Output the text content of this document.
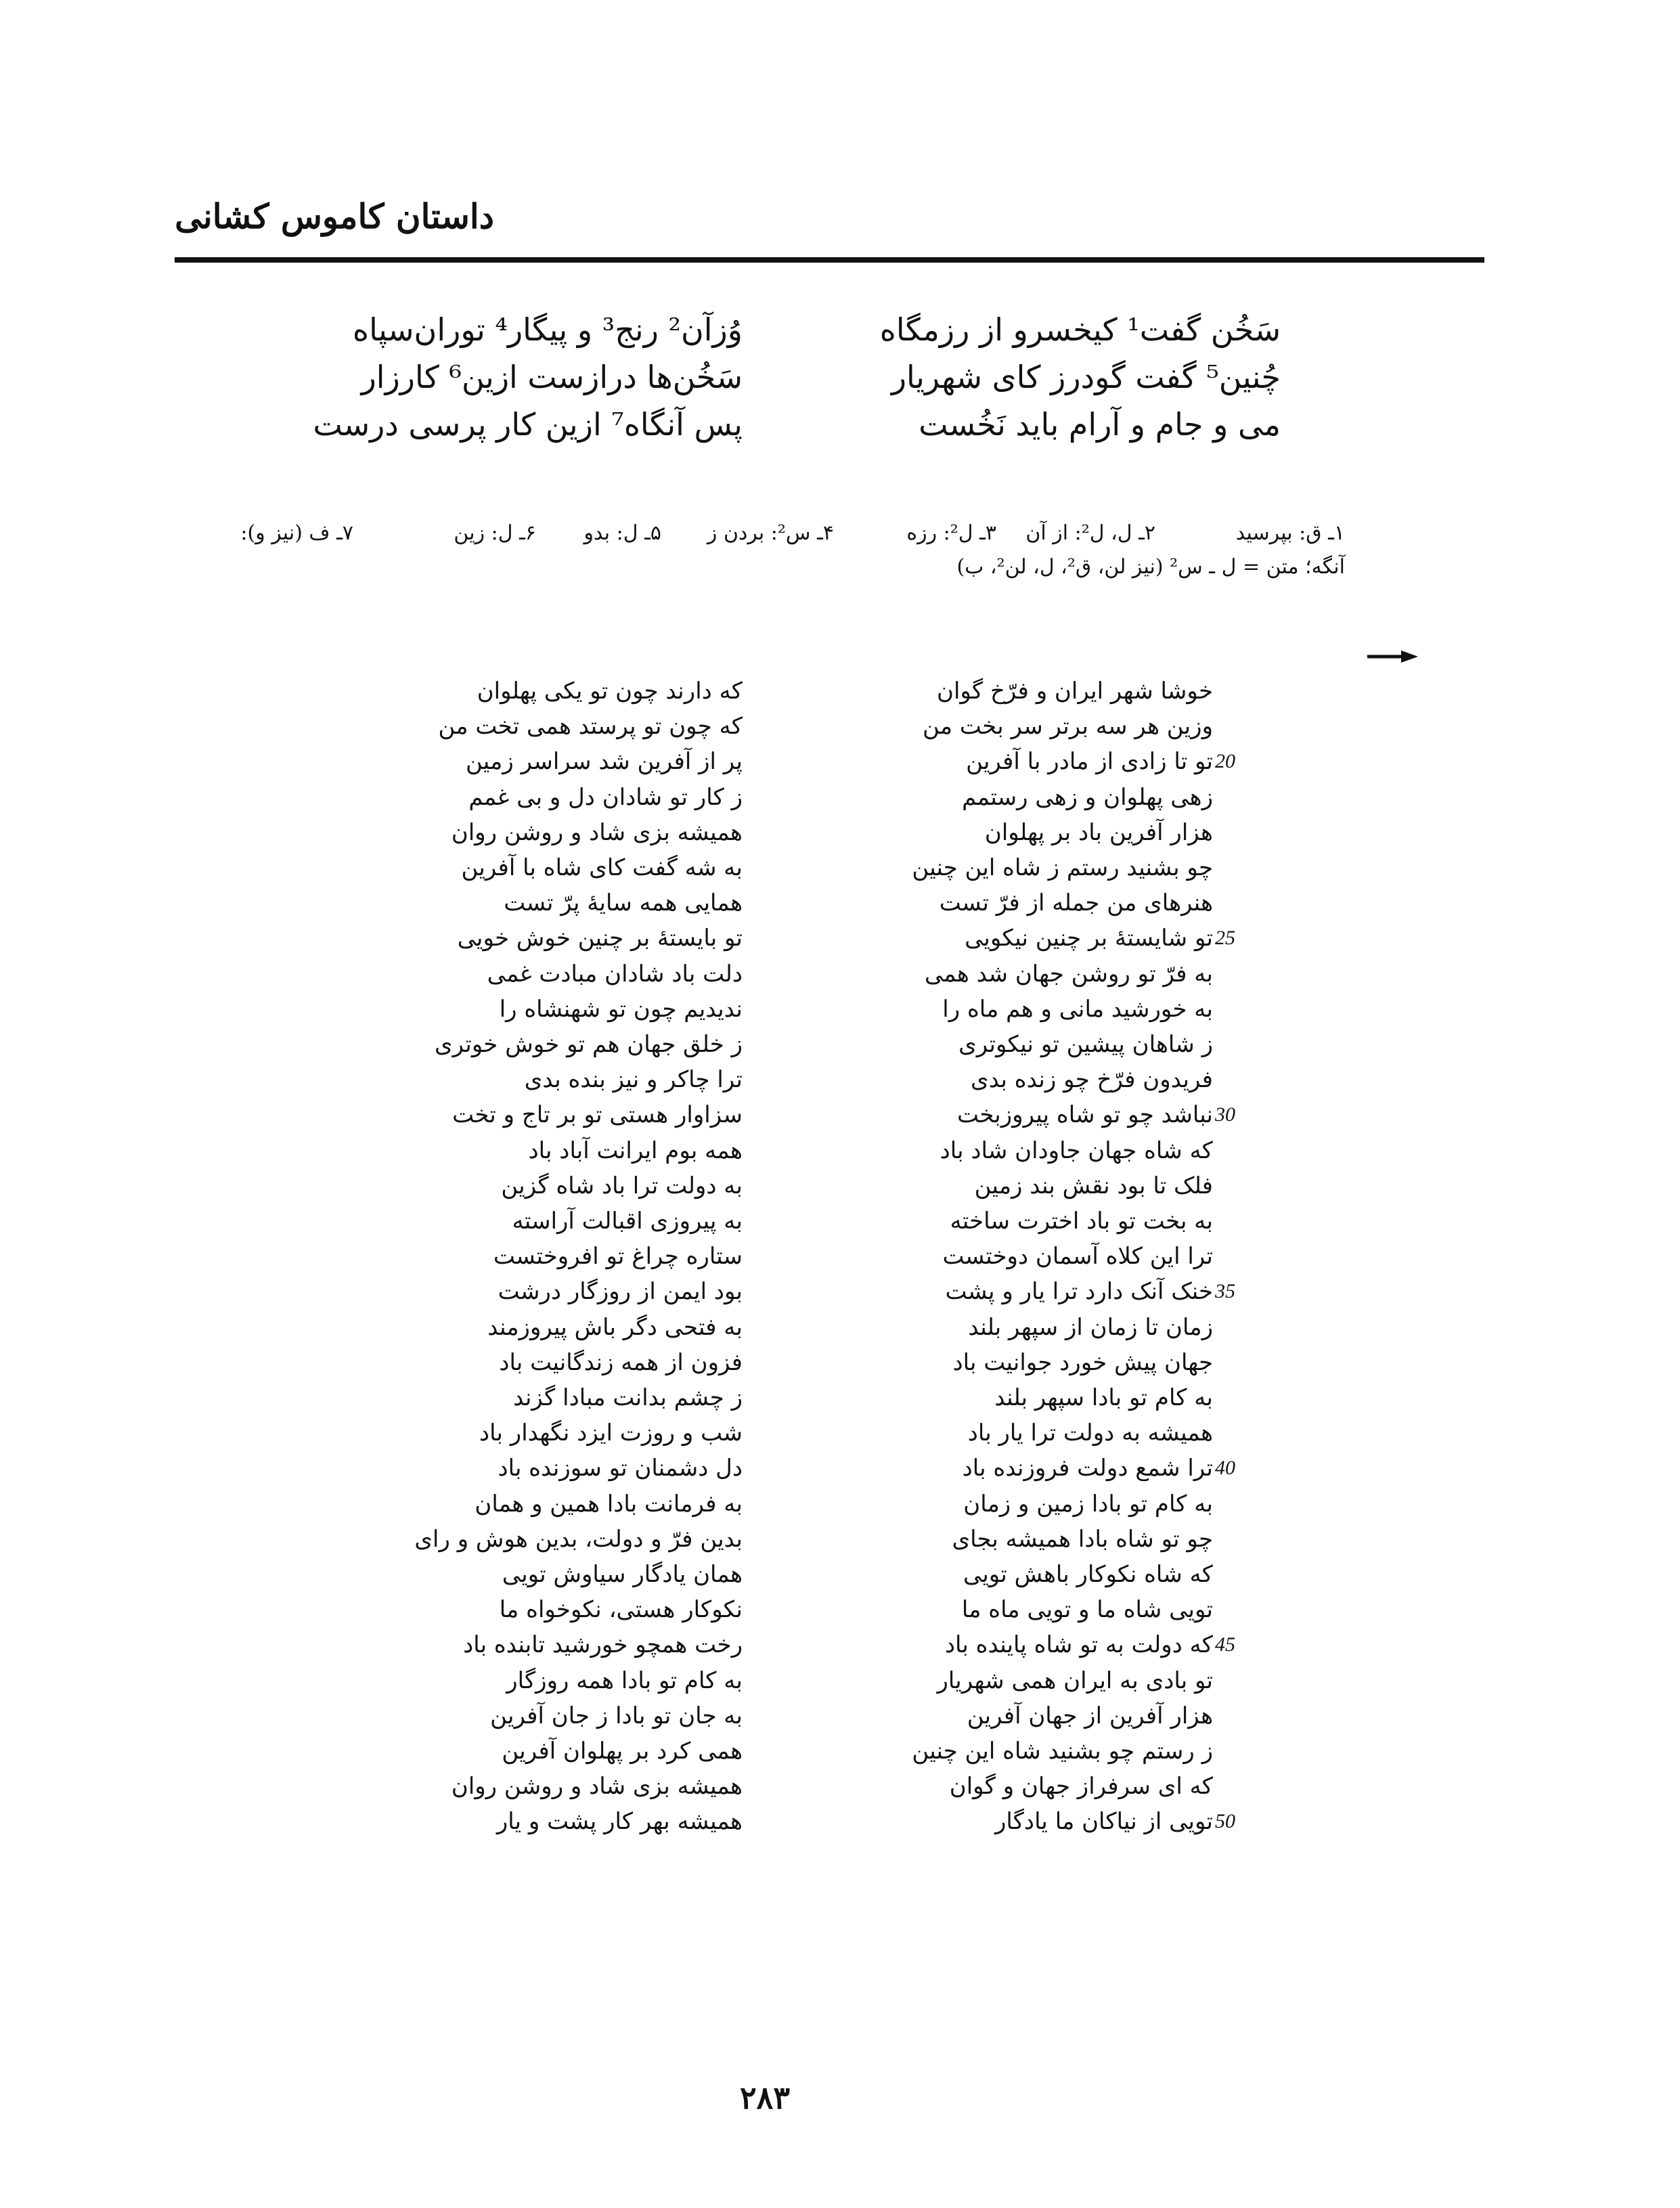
داستان کاموس کشانی
سَخُن گفت¹ کیخسرو از رزمگاه
وُزآن² رنج³ و پیگار⁴ توران‌سپاه
چُنین⁵ گفت گودرز کای شهریار
سَخُن‌ها درازست ازین⁶ کارزار
می و جام و آرام باید نَخُست
پس آنگاه⁷ ازین کار پرسی درست
۱ـ ق: بپرسید
۲ـ ل، ل²: از آن
۳ـ ل²: رزه
۴ـ س²: بردن ز
۵ـ ل: بدو
۶ـ ل: زین
۷ـ ف (نیز و):
آنگه؛ متن = ل ـ س² (نیز لن، ق²، ل، لن²، ب)
خوشا شهر ایران و فرّخ گوان
که دارند چون تو یکی پهلوان
وزین هر سه برتر سر بخت من
که چون تو پرستد همی تخت من
تو تا زادی از مادر با آفرین
پر از آفرین شد سراسر زمین	20
زهی پهلوان و زهی رستمم
ز کار تو شادان دل و بی غمم
هزار آفرین باد بر پهلوان
همیشه بزی شاد و روشن روان
چو بشنید رستم ز شاه این چنین
به شه گفت کای شاه با آفرین
هنرهای من جمله از فرّ تست
همایی همه سایهٔ پرّ تست
تو شایستهٔ بر چنین نیکویی
تو بایستهٔ بر چنین خوش خویی	25
به فرّ تو روشن جهان شد همی
دلت باد شادان مبادت غمی
به خورشید مانی و هم ماه را
ندیدیم چون تو شهنشاه را
ز شاهان پیشین تو نیکوتری
ز خلق جهان هم تو خوش خوتری
فریدون فرّخ چو زنده بدی
ترا چاکر و نیز بنده بدی
نباشد چو تو شاه پیروزبخت
سزاوار هستی تو بر تاج و تخت	30
که شاه جهان جاودان شاد باد
همه بوم ایرانت آباد باد
فلک تا بود نقش بند زمین
به دولت ترا باد شاه گزین
به بخت تو باد اخترت ساخته
به پیروزی اقبالت آراسته
ترا این کلاه آسمان دوختست
ستاره چراغ تو افروختست
خنک آنک دارد ترا یار و پشت
بود ایمن از روزگار درشت	35
زمان تا زمان از سپهر بلند
به فتحی دگر باش پیروزمند
جهان پیش خورد جوانیت باد
فزون از همه زندگانیت باد
به کام تو بادا سپهر بلند
ز چشم بدانت مبادا گزند
همیشه به دولت ترا یار باد
شب و روزت ایزد نگهدار باد
ترا شمع دولت فروزنده باد
دل دشمنان تو سوزنده باد	40
به کام تو بادا زمین و زمان
به فرمانت بادا همین و همان
چو تو شاه بادا همیشه بجای
بدین فرّ و دولت، بدین هوش و رای
که شاه نکوکار باهش تویی
همان یادگار سیاوش تویی
تویی شاه ما و تویی ماه ما
نکوکار هستی، نکوخواه ما
که دولت به تو شاه پاینده باد
رخت همچو خورشید تابنده باد	45
تو بادی به ایران همی شهریار
به کام تو بادا همه روزگار
هزار آفرین از جهان آفرین
به جان تو بادا ز جان آفرین
ز رستم چو بشنید شاه این چنین
همی کرد بر پهلوان آفرین
که ای سرفراز جهان و گوان
همیشه بزی شاد و روشن روان
تویی از نیاکان ما یادگار
همیشه بهر کار پشت و یار	50
۲۸۳
